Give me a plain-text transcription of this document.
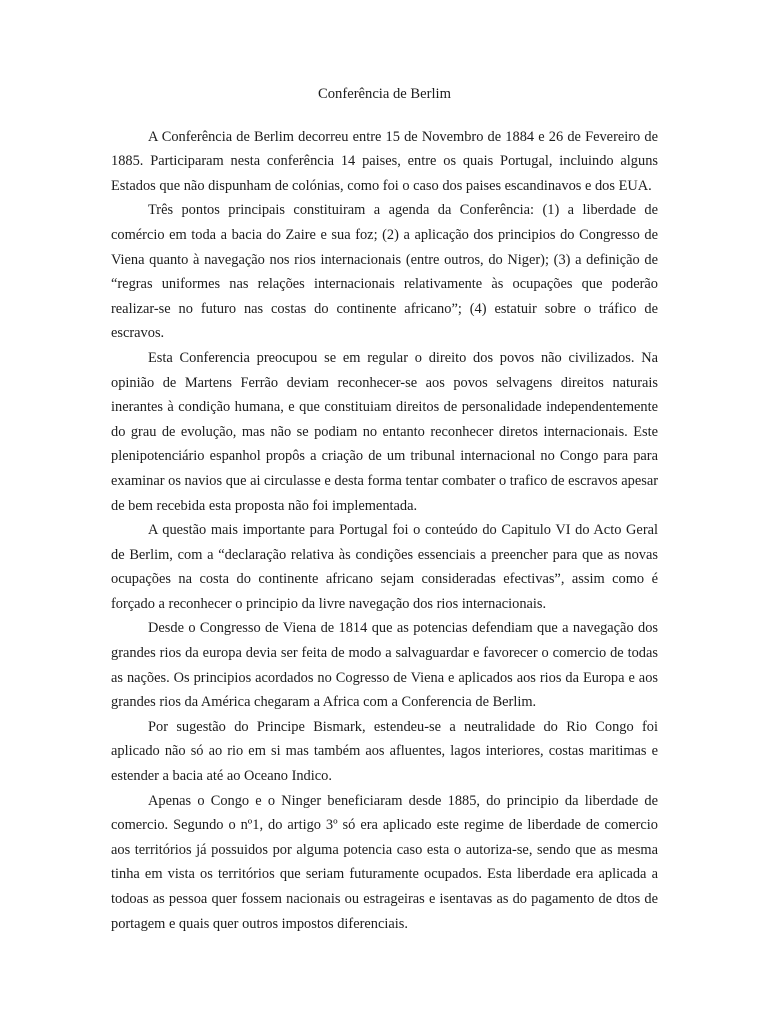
Conferência de Berlim

A Conferência de Berlim decorreu entre 15 de Novembro de 1884 e 26 de Fevereiro de 1885. Participaram nesta conferência 14 paises, entre os quais Portugal, incluindo alguns Estados que não dispunham de colónias, como foi o caso dos paises escandinavos e dos EUA.

Três pontos principais constituiram a agenda da Conferência: (1) a liberdade de comércio em toda a bacia do Zaire e sua foz; (2) a aplicação dos principios do Congresso de Viena quanto à navegação nos rios internacionais (entre outros, do Niger); (3) a definição de “regras uniformes nas relações internacionais relativamente às ocupações que poderão realizar-se no futuro nas costas do continente africano”; (4) estatuir sobre o tráfico de escravos.

Esta Conferencia preocupou se em regular o direito dos povos não civilizados. Na opinião de Martens Ferrão deviam reconhecer-se aos povos selvagens direitos naturais inerantes à condição humana, e que constituiam direitos de personalidade independentemente do grau de evolução, mas não se podiam no entanto reconhecer diretos internacionais. Este plenipotenciário espanhol propôs a criação de um tribunal internacional no Congo para para examinar os navios que ai circulasse e desta forma tentar combater o trafico de escravos apesar de bem recebida esta proposta não foi implementada.

A questão mais importante para Portugal foi o conteúdo do Capitulo VI do Acto Geral de Berlim, com a “declaração relativa às condições essenciais a preencher para que as novas ocupações na costa do continente africano sejam consideradas efectivas”, assim como é forçado a reconhecer o principio da livre navegação dos rios internacionais.

Desde o Congresso de Viena de 1814 que as potencias defendiam que a navegação dos grandes rios da europa devia ser feita de modo a salvaguardar e favorecer o comercio de todas as nações. Os principios acordados no Cogresso de Viena e aplicados aos rios da Europa e aos grandes rios da América chegaram a Africa com a Conferencia de Berlim.

Por sugestão do Principe Bismark, estendeu-se a neutralidade do Rio Congo foi aplicado não só ao rio em si mas também aos afluentes, lagos interiores, costas maritimas e estender a bacia até ao Oceano Indico.

Apenas o Congo e o Ninger beneficiaram desde 1885, do principio da liberdade de comercio. Segundo o nº1, do artigo 3º só era aplicado este regime de liberdade de comercio aos territórios já possuidos por alguma potencia caso esta o autoriza-se, sendo que as mesma tinha em vista os territórios que seriam futuramente ocupados. Esta liberdade era aplicada a todoas as pessoa quer fossem nacionais ou estrageiras e isentavas as do pagamento de dtos de portagem e quais quer outros impostos diferenciais.
